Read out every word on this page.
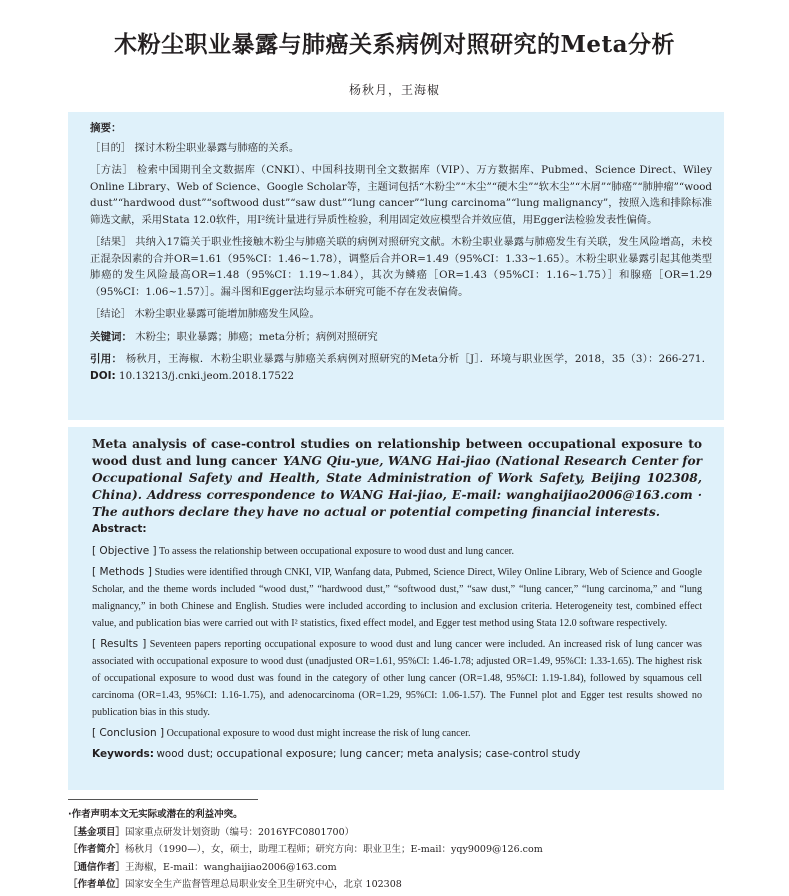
木粉尘职业暴露与肺癌关系病例对照研究的Meta分析
杨秋月，王海椒
摘要：
［目的］ 探讨木粉尘职业暴露与肺癌的关系。
［方法］ 检索中国期刊全文数据库（CNKI）、中国科技期刊全文数据库（VIP）、万方数据库、Pubmed、Science Direct、Wiley Online Library、Web of Science、Google Scholar等，主题词包括“木粉尘”“木尘”“硬木尘”“软木尘”“木屑”“肺癌”“肺肿瘤”“wood dust”“hardwood dust”“softwood dust”“saw dust”“lung cancer”“lung carcinoma”“lung malignancy”，按照入选和排除标准筛选文献，采用Stata 12.0软件，用I²统计量进行异质性检验，利用固定效应模型合并效应值，用Egger法检验发表性偏倚。
［结果］ 共纳入17篇关于职业性接触木粉尘与肺癌关联的病例对照研究文献。木粉尘职业暴露与肺癌发生有关联，发生风险增高，未校正混杂因素的合并OR=1.61（95%CI：1.46~1.78），调整后合并OR=1.49（95%CI：1.33~1.65）。木粉尘职业暴露引起其他类型肺癌的发生风险最高OR=1.48（95%CI：1.19~1.84），其次为鳞癌［OR=1.43（95%CI：1.16~1.75）］和腺癌［OR=1.29（95%CI：1.06~1.57）］。漏斗图和Egger法均显示本研究可能不存在发表偏倚。
［结论］ 木粉尘职业暴露可能增加肺癌发生风险。
关键词： 木粉尘；职业暴露；肺癌；meta分析；病例对照研究
引用： 杨秋月，王海椒．木粉尘职业暴露与肺癌关系病例对照研究的Meta分析［J］．环境与职业医学，2018，35（3）：266-271． DOI: 10.13213/j.cnki.jeom.2018.17522
Meta analysis of case-control studies on relationship between occupational exposure to wood dust and lung cancer YANG Qiu-yue, WANG Hai-jiao (National Research Center for Occupational Safety and Health, State Administration of Work Safety, Beijing 102308, China). Address correspondence to WANG Hai-jiao, E-mail: wanghaijiao2006@163.com · The authors declare they have no actual or potential competing financial interests.
Abstract:
[ Objective ] To assess the relationship between occupational exposure to wood dust and lung cancer.
[ Methods ] Studies were identified through CNKI, VIP, Wanfang data, Pubmed, Science Direct, Wiley Online Library, Web of Science and Google Scholar, and the theme words included “wood dust,” “hardwood dust,” “softwood dust,” “saw dust,” “lung cancer,” “lung carcinoma,” and “lung malignancy,” in both Chinese and English. Studies were included according to inclusion and exclusion criteria. Heterogeneity test, combined effect value, and publication bias were carried out with I² statistics, fixed effect model, and Egger test method using Stata 12.0 software respectively.
[ Results ] Seventeen papers reporting occupational exposure to wood dust and lung cancer were included. An increased risk of lung cancer was associated with occupational exposure to wood dust (unadjusted OR=1.61, 95%CI: 1.46-1.78; adjusted OR=1.49, 95%CI: 1.33-1.65). The highest risk of occupational exposure to wood dust was found in the category of other lung cancer (OR=1.48, 95%CI: 1.19-1.84), followed by squamous cell carcinoma (OR=1.43, 95%CI: 1.16-1.75), and adenocarcinoma (OR=1.29, 95%CI: 1.06-1.57). The Funnel plot and Egger test results showed no publication bias in this study.
[ Conclusion ] Occupational exposure to wood dust might increase the risk of lung cancer.
Keywords: wood dust; occupational exposure; lung cancer; meta analysis; case-control study
·作者声明本文无实际或潜在的利益冲突。
［基金项目］国家重点研发计划资助（编号：2016YFC0801700）
［作者简介］杨秋月（1990—），女，硕士，助理工程师；研究方向：职业卫生；E-mail：yqy9009@126.com
［通信作者］王海椒，E-mail：wanghaijiao2006@163.com
［作者单位］国家安全生产监督管理总局职业安全卫生研究中心，北京 102308
